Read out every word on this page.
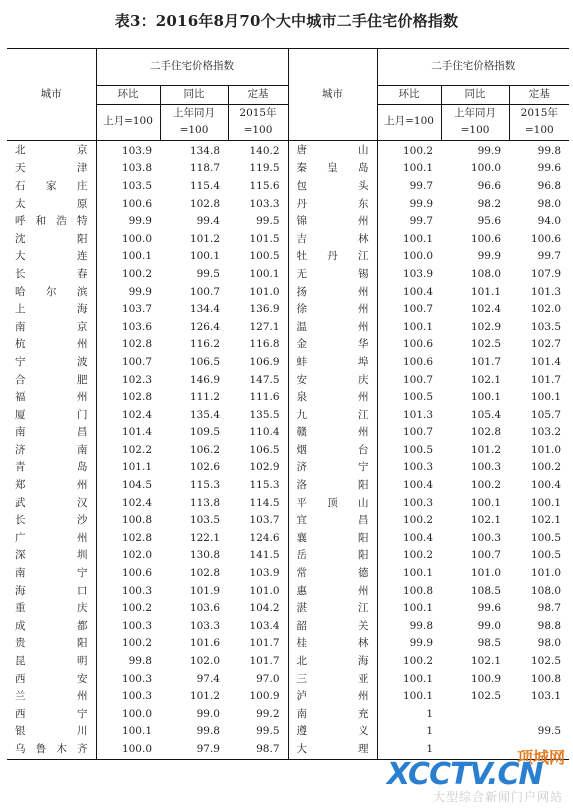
表3：2016年8月70个大中城市二手住宅价格指数
城市	二手住宅价格指数			城市	二手住宅价格指数		
	环比	同比	定基		环比	同比	定基
	上月=100	上年同月=100	2015年=100		上月=100	上年同月=100	2015年=100

北京	103.9	134.8	140.2	唐山	100.2	99.9	99.8

天津	103.8	118.7	119.5	秦皇岛	100.1	100.0	99.6

石家庄	103.5	115.4	115.6	包头	99.7	96.6	96.8

太原	100.6	102.8	103.3	丹东	99.9	98.2	98.0

呼和浩特	99.9	99.4	99.5	锦州	99.7	95.6	94.0

沈阳	100.0	101.2	101.5	吉林	100.1	100.6	100.6

大连	100.1	100.1	100.5	牡丹江	100.0	99.9	99.7

长春	100.2	99.5	100.1	无锡	103.9	108.0	107.9

哈尔滨	99.9	100.7	101.0	扬州	100.4	101.1	101.3

上海	103.7	134.4	136.9	徐州	100.7	102.4	102.0

南京	103.6	126.4	127.1	温州	100.1	102.9	103.5

杭州	102.8	116.2	116.8	金华	100.6	102.5	102.7

宁波	100.7	106.5	106.9	蚌埠	100.6	101.7	101.4

合肥	102.3	146.9	147.5	安庆	100.7	102.1	101.7

福州	102.8	111.2	111.6	泉州	100.5	100.1	100.1

厦门	102.4	135.4	135.5	九江	101.3	105.4	105.7

南昌	101.4	109.5	110.4	赣州	100.7	102.8	103.2

济南	102.2	106.2	106.5	烟台	100.5	101.2	101.0

青岛	101.1	102.6	102.9	济宁	100.3	100.3	100.2

郑州	104.5	115.3	115.3	洛阳	100.4	100.2	100.4

武汉	102.4	113.8	114.5	平顶山	100.3	100.1	100.1

长沙	100.8	103.5	103.7	宜昌	100.2	102.1	102.1

广州	102.8	122.1	124.6	襄阳	100.4	100.3	100.5

深圳	102.0	130.8	141.5	岳阳	100.2	100.7	100.5

南宁	100.6	102.8	103.9	常德	100.1	101.0	101.0

海口	100.3	101.9	101.0	惠州	100.8	108.5	108.0

重庆	100.2	103.6	104.2	湛江	100.1	99.6	98.7

成都	100.3	103.3	103.4	韶关	99.8	99.0	98.8

贵阳	100.2	101.6	101.7	桂林	99.9	98.5	98.0

昆明	99.8	102.0	101.7	北海	100.2	102.1	102.5

西安	100.3	97.4	97.0	三亚	100.1	100.9	100.8

兰州	100.3	101.2	100.9	泸州	100.1	102.5	103.1

西宁	100.0	99.0	99.2	南充	1		

银川	100.1	99.8	99.5	遵义	1		99.5

乌鲁木齐	100.0	97.9	98.7	大理	1			项城网
XCCTV.CN
大型综合新闻门户网站
